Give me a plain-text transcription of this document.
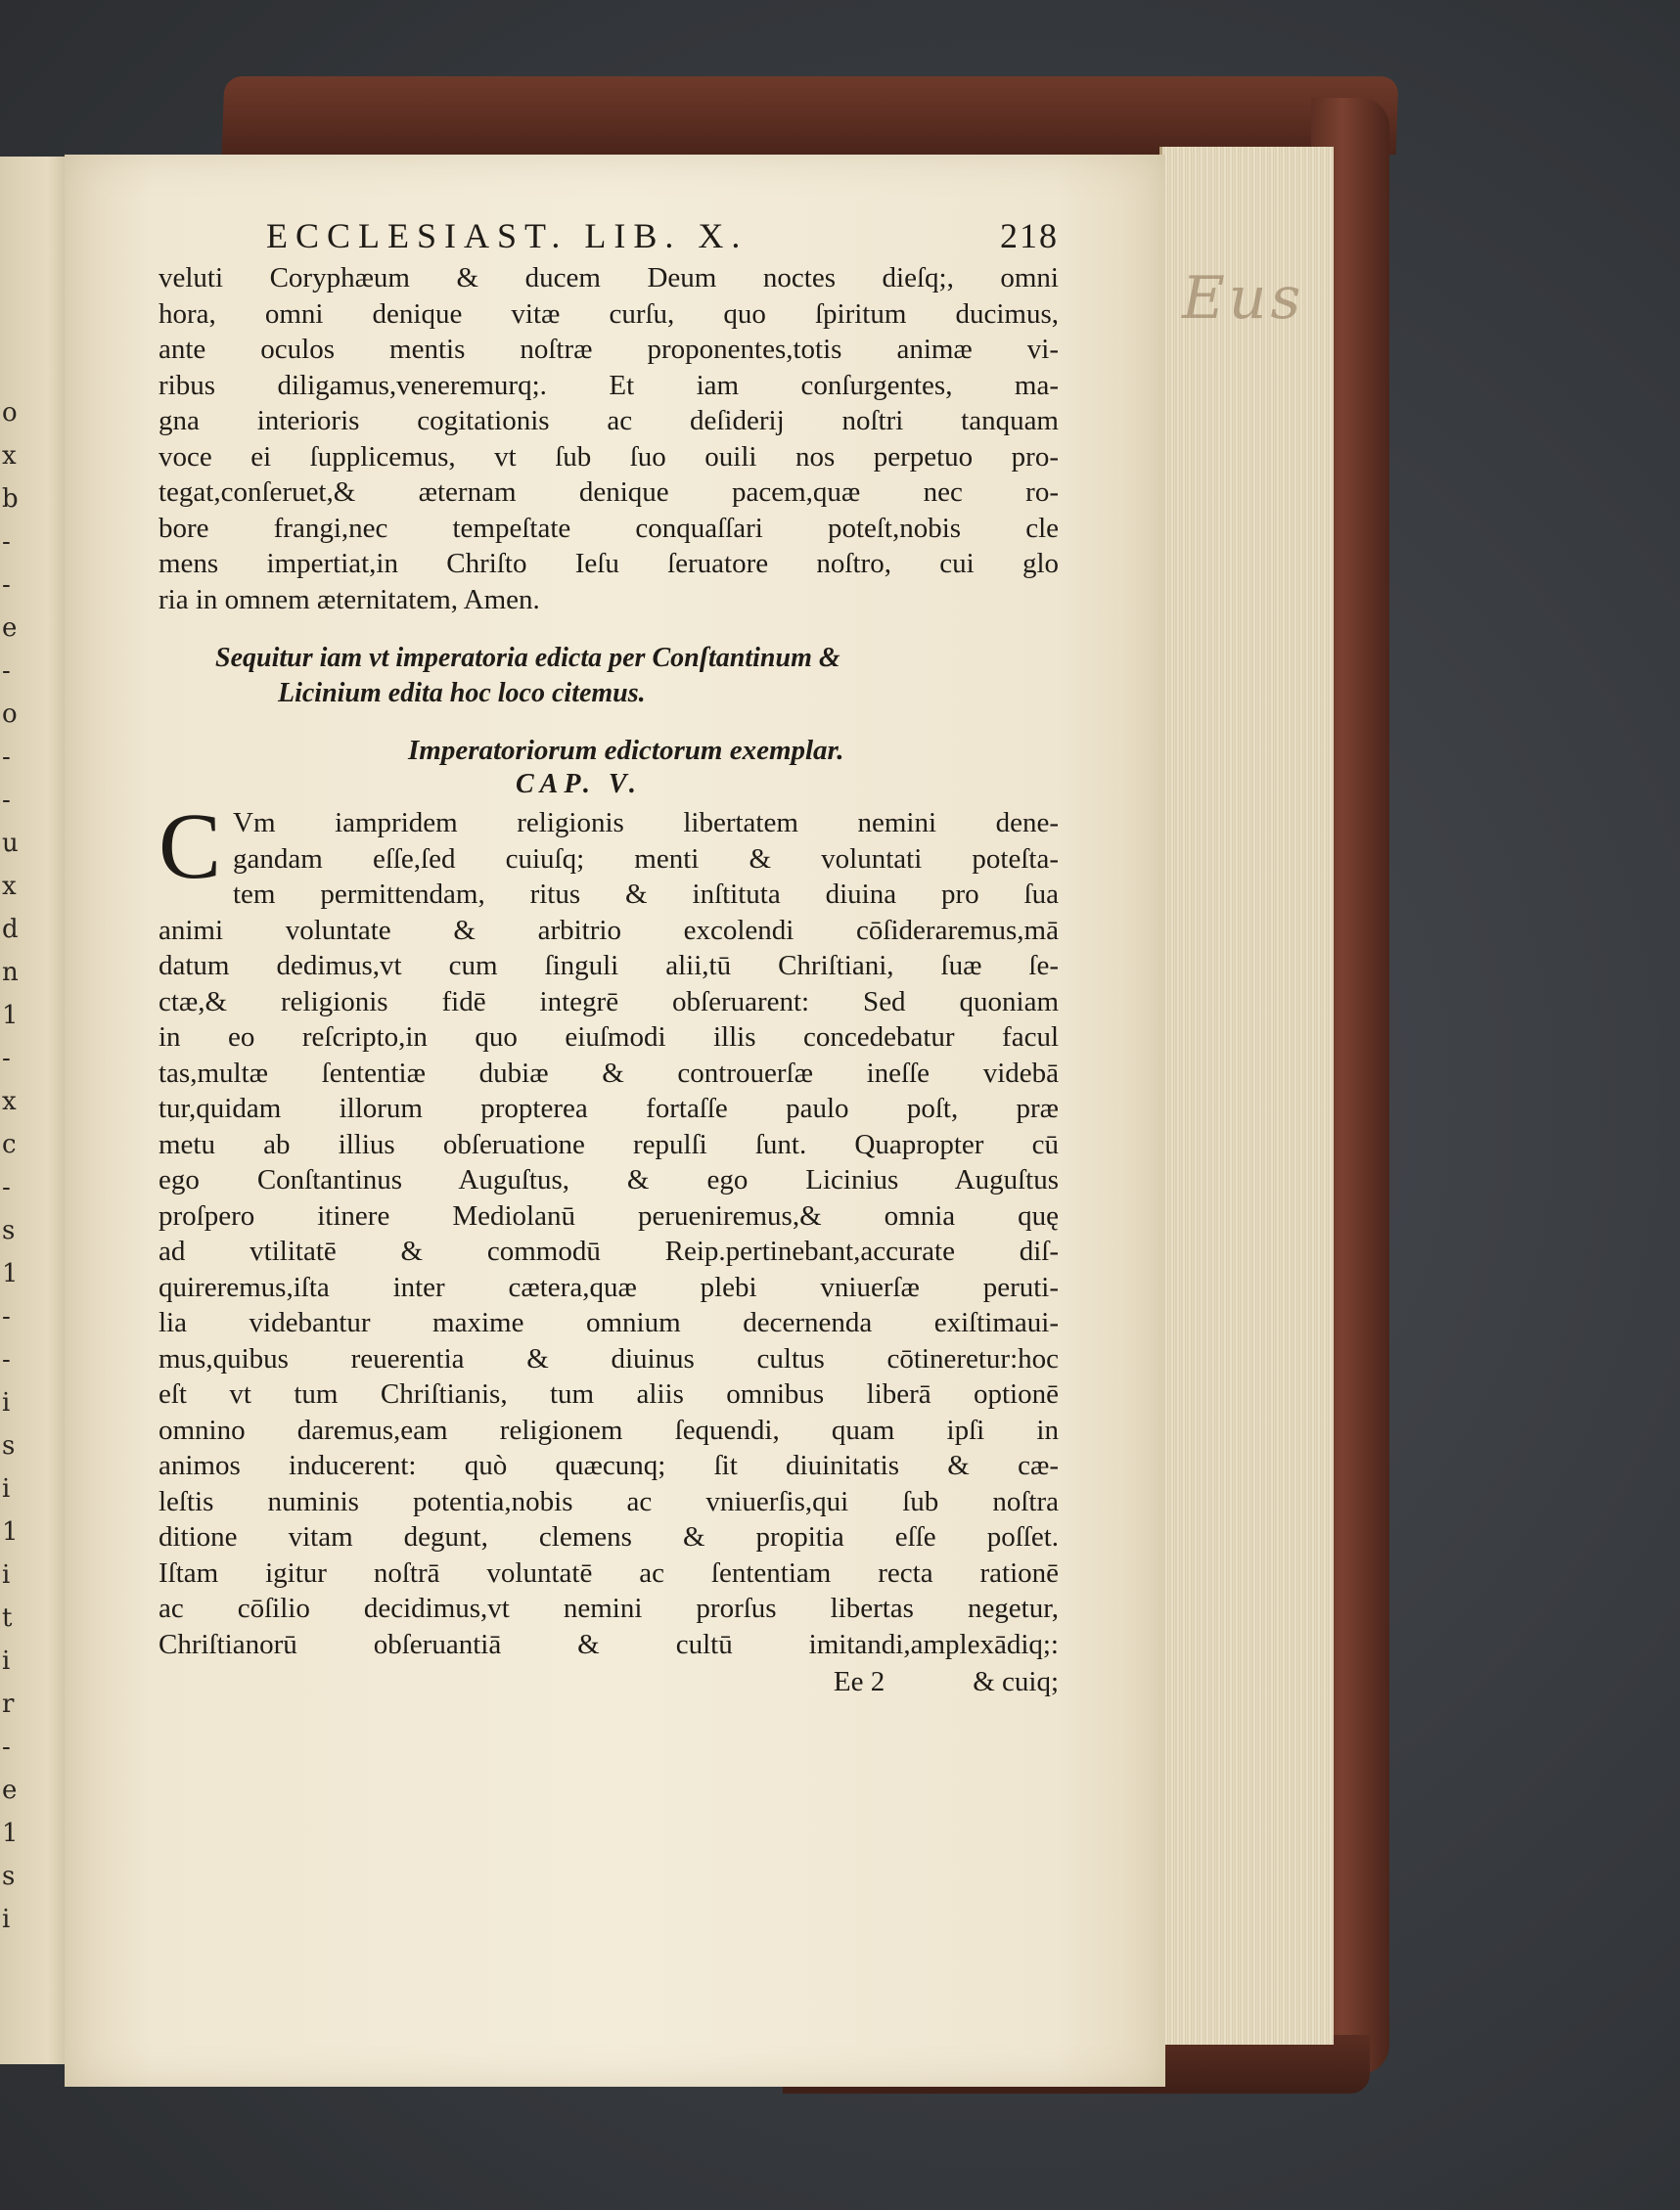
o
x
b
-
-
e
-
o
-
-
u
x
d
n
1
-
x
c
-
s
1
-
-
i
s
i
1
i
t
i
r
-
e
1
s
i
Eus
ECCLESIAST. LIB. X.	218
veluti Coryphæum & ducem Deum noctes dieſq;, omni
hora, omni denique vitæ curſu, quo ſpiritum ducimus,
ante oculos mentis noſtræ proponentes,totis animæ vi-
ribus diligamus,veneremurq;. Et iam conſurgentes, ma-
gna interioris cogitationis ac deſiderij noſtri tanquam
voce ei ſupplicemus, vt ſub ſuo ouili nos perpetuo pro-
tegat,conſeruet,& æternam denique pacem,quæ nec ro-
bore frangi,nec tempeſtate conquaſſari poteſt,nobis cle
mens impertiat,in Chriſto Ieſu ſeruatore noſtro, cui glo
ria in omnem æternitatem, Amen.
Sequitur iam vt imperatoria edicta per Conſtantinum &
Licinium edita hoc loco citemus.
Imperatoriorum edictorum exemplar.
CAP. V.
C Vm iampridem religionis libertatem nemini dene-
gandam eſſe,ſed cuiuſq; menti & voluntati poteſta-
tem permittendam, ritus & inſtituta diuina pro ſua
animi voluntate & arbitrio excolendi cōſideraremus,mā
datum dedimus,vt cum ſinguli alii,tū Chriſtiani, ſuæ ſe-
ctæ,& religionis fidē integrē obſeruarent: Sed quoniam
in eo reſcripto,in quo eiuſmodi illis concedebatur facul
tas,multæ ſententiæ dubiæ & controuerſæ ineſſe videbā
tur,quidam illorum propterea fortaſſe paulo poſt, præ
metu ab illius obſeruatione repulſi ſunt. Quapropter cū
ego Conſtantinus Auguſtus, & ego Licinius Auguſtus
proſpero itinere Mediolanū perueniremus,& omnia quę
ad vtilitatē & commodū Reip.pertinebant,accurate diſ-
quireremus,iſta inter cætera,quæ plebi vniuerſæ peruti-
lia videbantur maxime omnium decernenda exiſtimaui-
mus,quibus reuerentia & diuinus cultus cōtineretur:hoc
eſt vt tum Chriſtianis, tum aliis omnibus liberā optionē
omnino daremus,eam religionem ſequendi, quam ipſi in
animos inducerent: quò quæcunq; ſit diuinitatis & cæ-
leſtis numinis potentia,nobis ac vniuerſis,qui ſub noſtra
ditione vitam degunt, clemens & propitia eſſe poſſet.
Iſtam igitur noſtrā voluntatē ac ſententiam recta rationē
ac cōſilio decidimus,vt nemini prorſus libertas negetur,
Chriſtianorū obſeruantiā & cultū imitandi,amplexādiq;:
Ee 2	& cuiq;
